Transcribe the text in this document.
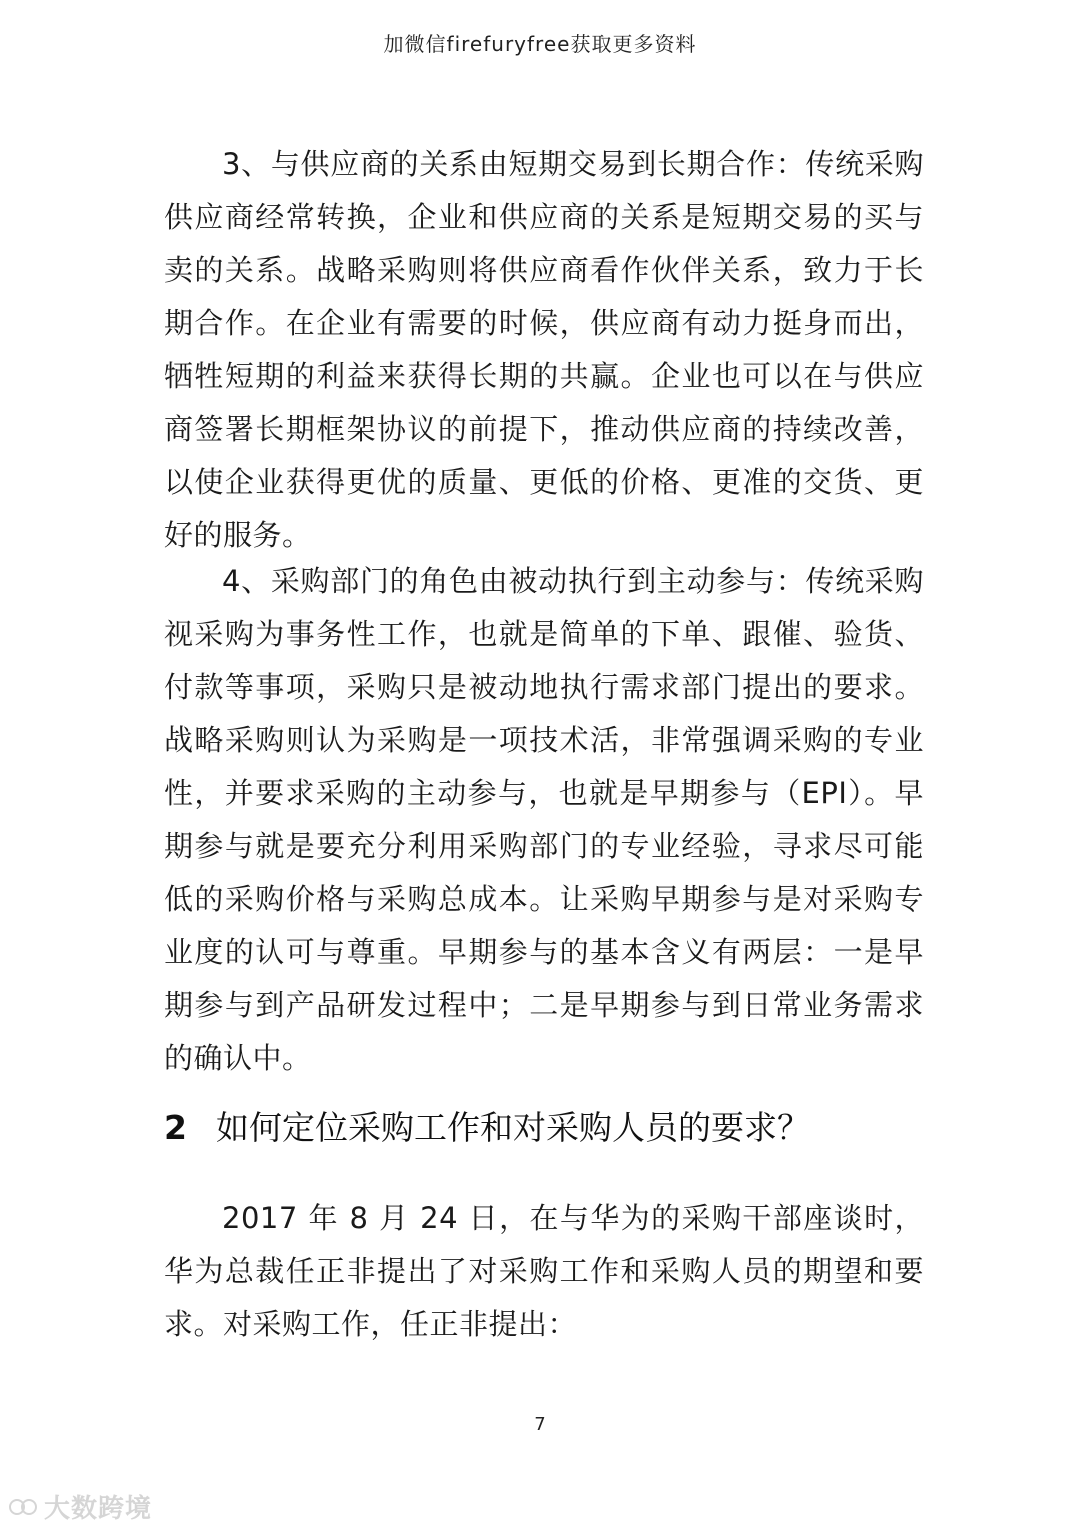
加微信firefuryfree获取更多资料

3、与供应商的关系由短期交易到长期合作：传统采购供应商经常转换，企业和供应商的关系是短期交易的买与卖的关系。战略采购则将供应商看作伙伴关系，致力于长期合作。在企业有需要的时候，供应商有动力挺身而出，牺牲短期的利益来获得长期的共赢。企业也可以在与供应商签署长期框架协议的前提下，推动供应商的持续改善，以使企业获得更优的质量、更低的价格、更准的交货、更好的服务。

4、采购部门的角色由被动执行到主动参与：传统采购视采购为事务性工作，也就是简单的下单、跟催、验货、付款等事项，采购只是被动地执行需求部门提出的要求。战略采购则认为采购是一项技术活，非常强调采购的专业性，并要求采购的主动参与，也就是早期参与（EPI）。早期参与就是要充分利用采购部门的专业经验，寻求尽可能低的采购价格与采购总成本。让采购早期参与是对采购专业度的认可与尊重。早期参与的基本含义有两层：一是早期参与到产品研发过程中；二是早期参与到日常业务需求的确认中。

2 如何定位采购工作和对采购人员的要求？

2017 年 8 月 24 日，在与华为的采购干部座谈时，华为总裁任正非提出了对采购工作和采购人员的期望和要求。对采购工作，任正非提出：

7
大数跨境
